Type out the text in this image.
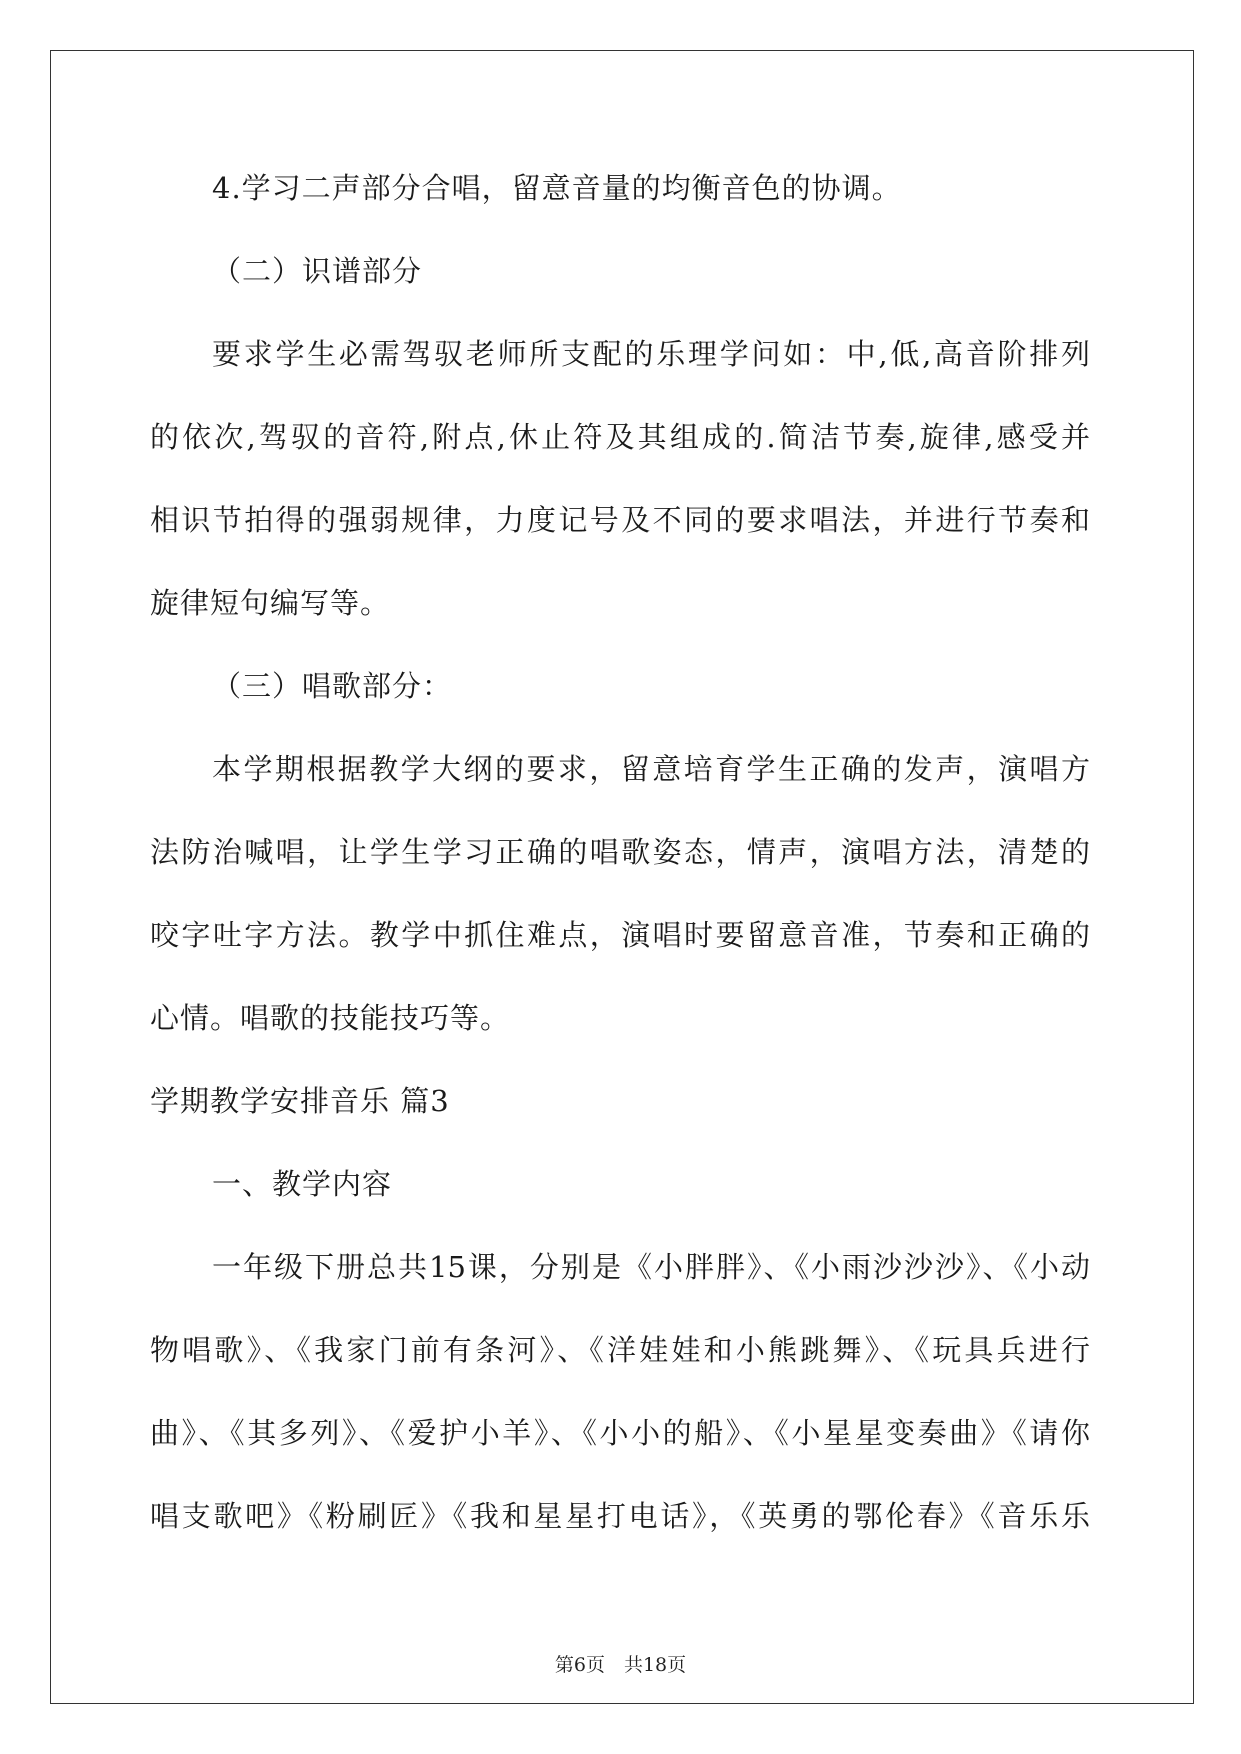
4.学习二声部分合唱，留意音量的均衡音色的协调。
（二）识谱部分
要求学生必需驾驭老师所支配的乐理学问如：中,低,高音阶排列
的依次,驾驭的音符,附点,休止符及其组成的.简洁节奏,旋律,感受并
相识节拍得的强弱规律，力度记号及不同的要求唱法，并进行节奏和
旋律短句编写等。
（三）唱歌部分：
本学期根据教学大纲的要求，留意培育学生正确的发声，演唱方
法防治喊唱，让学生学习正确的唱歌姿态，情声，演唱方法，清楚的
咬字吐字方法。教学中抓住难点，演唱时要留意音准，节奏和正确的
心情。唱歌的技能技巧等。
学期教学安排音乐 篇3
一、教学内容
一年级下册总共15课，分别是《小胖胖》、《小雨沙沙沙》、《小动
物唱歌》、《我家门前有条河》、《洋娃娃和小熊跳舞》、《玩具兵进行
曲》、《其多列》、《爱护小羊》、《小小的船》、《小星星变奏曲》《请你
唱支歌吧》《粉刷匠》《我和星星打电话》，《英勇的鄂伦春》《音乐乐
第6页　共18页
